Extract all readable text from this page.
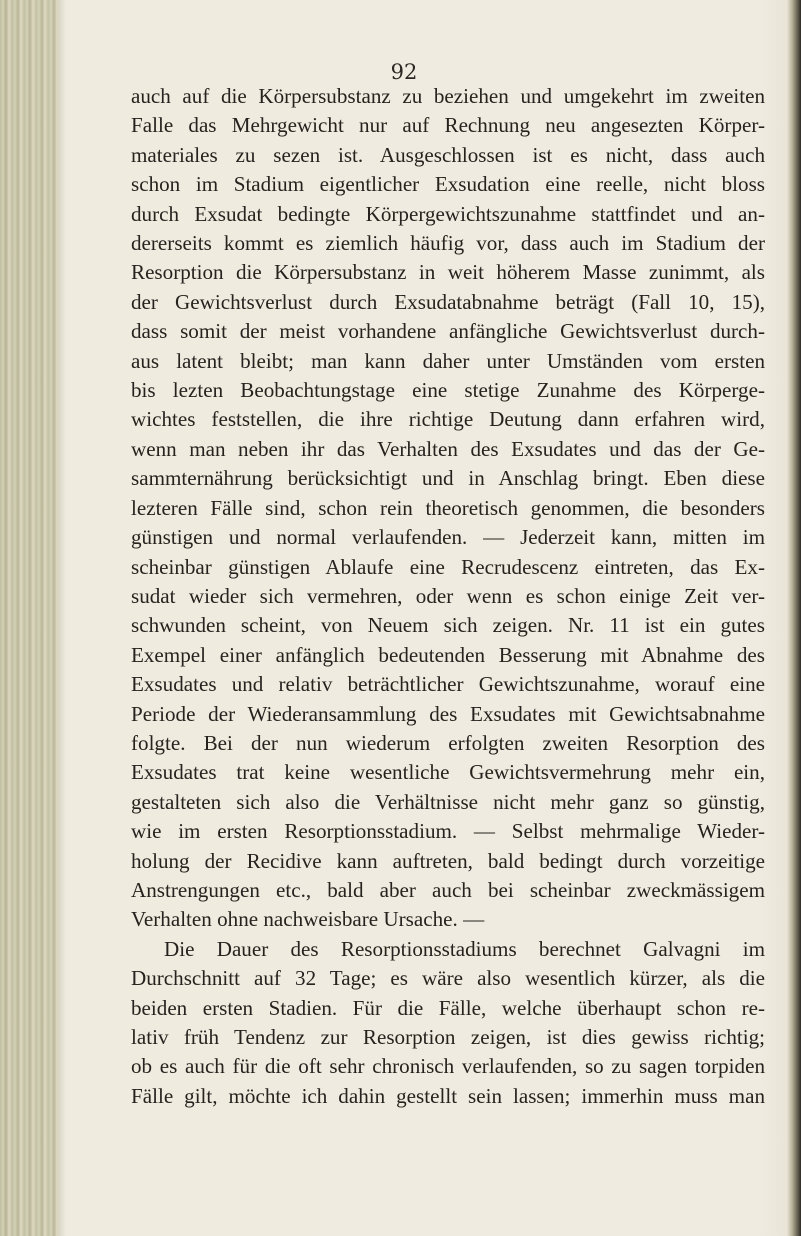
92
auch auf die Körpersubstanz zu beziehen und umgekehrt im zweiten
Falle das Mehrgewicht nur auf Rechnung neu angesezten Körper-
materiales zu sezen ist. Ausgeschlossen ist es nicht, dass auch
schon im Stadium eigentlicher Exsudation eine reelle, nicht bloss
durch Exsudat bedingte Körpergewichtszunahme stattfindet und an-
dererseits kommt es ziemlich häufig vor, dass auch im Stadium der
Resorption die Körpersubstanz in weit höherem Masse zunimmt, als
der Gewichtsverlust durch Exsudatabnahme beträgt (Fall 10, 15),
dass somit der meist vorhandene anfängliche Gewichtsverlust durch-
aus latent bleibt; man kann daher unter Umständen vom ersten
bis lezten Beobachtungstage eine stetige Zunahme des Körperge-
wichtes feststellen, die ihre richtige Deutung dann erfahren wird,
wenn man neben ihr das Verhalten des Exsudates und das der Ge-
sammternährung berücksichtigt und in Anschlag bringt. Eben diese
lezteren Fälle sind, schon rein theoretisch genommen, die besonders
günstigen und normal verlaufenden. — Jederzeit kann, mitten im
scheinbar günstigen Ablaufe eine Recrudescenz eintreten, das Ex-
sudat wieder sich vermehren, oder wenn es schon einige Zeit ver-
schwunden scheint, von Neuem sich zeigen. Nr. 11 ist ein gutes
Exempel einer anfänglich bedeutenden Besserung mit Abnahme des
Exsudates und relativ beträchtlicher Gewichtszunahme, worauf eine
Periode der Wiederansammlung des Exsudates mit Gewichtsabnahme
folgte. Bei der nun wiederum erfolgten zweiten Resorption des
Exsudates trat keine wesentliche Gewichtsvermehrung mehr ein,
gestalteten sich also die Verhältnisse nicht mehr ganz so günstig,
wie im ersten Resorptionsstadium. — Selbst mehrmalige Wieder-
holung der Recidive kann auftreten, bald bedingt durch vorzeitige
Anstrengungen etc., bald aber auch bei scheinbar zweckmässigem
Verhalten ohne nachweisbare Ursache. —
Die Dauer des Resorptionsstadiums berechnet Galvagni im
Durchschnitt auf 32 Tage; es wäre also wesentlich kürzer, als die
beiden ersten Stadien. Für die Fälle, welche überhaupt schon re-
lativ früh Tendenz zur Resorption zeigen, ist dies gewiss richtig;
ob es auch für die oft sehr chronisch verlaufenden, so zu sagen torpiden
Fälle gilt, möchte ich dahin gestellt sein lassen; immerhin muss man
